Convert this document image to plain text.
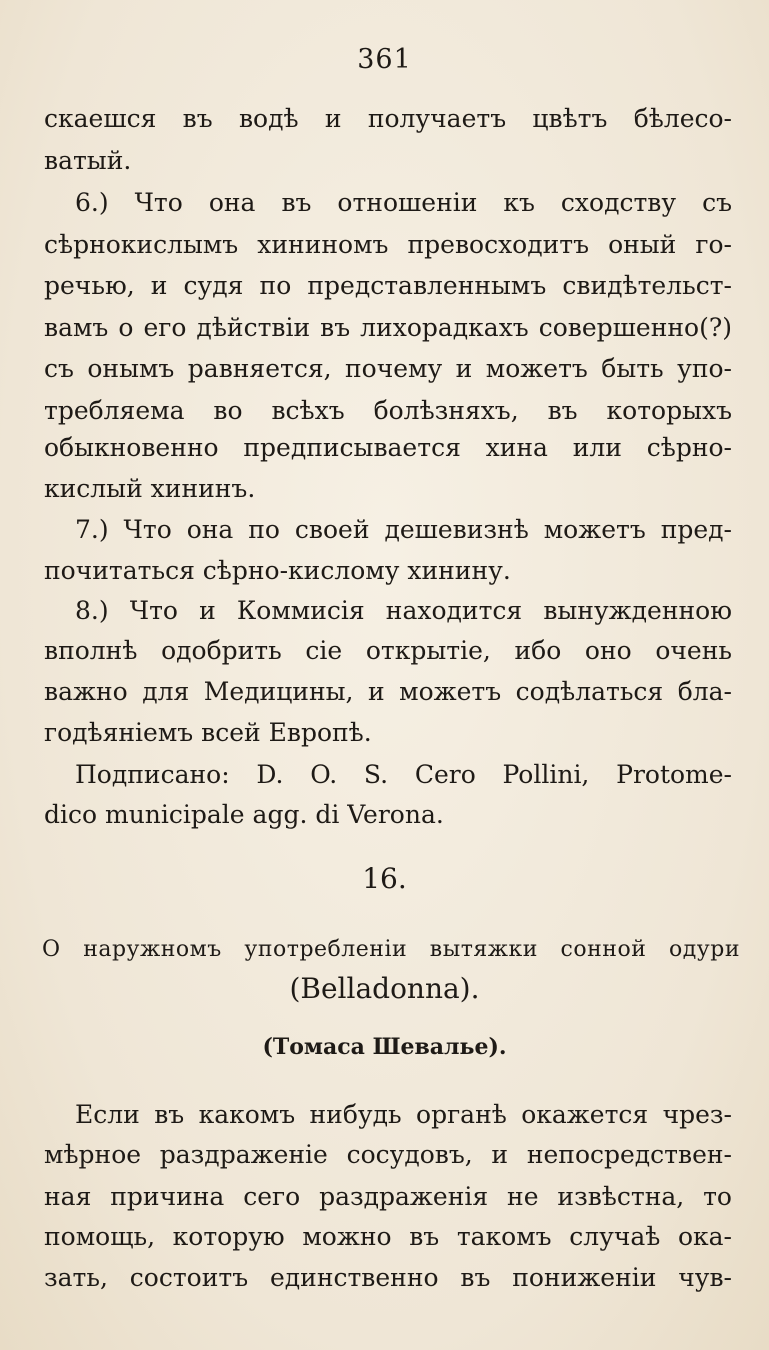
361
скаешся въ водѣ и получаетъ цвѣтъ бѣлесо-
ватый.
6.) Что она въ отношеніи къ сходству съ
сѣрнокислымъ хининомъ превосходитъ оный го-
речью, и судя по представленнымъ свидѣтельст-
вамъ о его дѣйствіи въ лихорадкахъ совершенно(?)
съ онымъ равняется, почему и можетъ быть упо-
требляема во всѣхъ болѣзняхъ, въ которыхъ
обыкновенно предписывается хина или сѣрно-
кислый хининъ.
7.) Что она по своей дешевизнѣ можетъ пред-
почитаться сѣрно-кислому хинину.
8.) Что и Коммисія находится вынужденною
вполнѣ одобрить сіе открытіе, ибо оно очень
важно для Медицины, и можетъ содѣлаться бла-
годѣяніемъ всей Европѣ.
Подписано: D. O. S. Cero Pollini, Protome-
dico municipale agg. di Verona.
16.
О наружномъ употребленіи вытяжки сонной одури
(Belladonna).
(Томаса Шевалье).
Если въ какомъ нибудь органѣ окажется чрез-
мѣрное раздраженіе сосудовъ, и непосредствен-
ная причина сего раздраженія не извѣстна, то
помощь, которую можно въ такомъ случаѣ ока-
зать, состоитъ единственно въ пониженіи чув-
